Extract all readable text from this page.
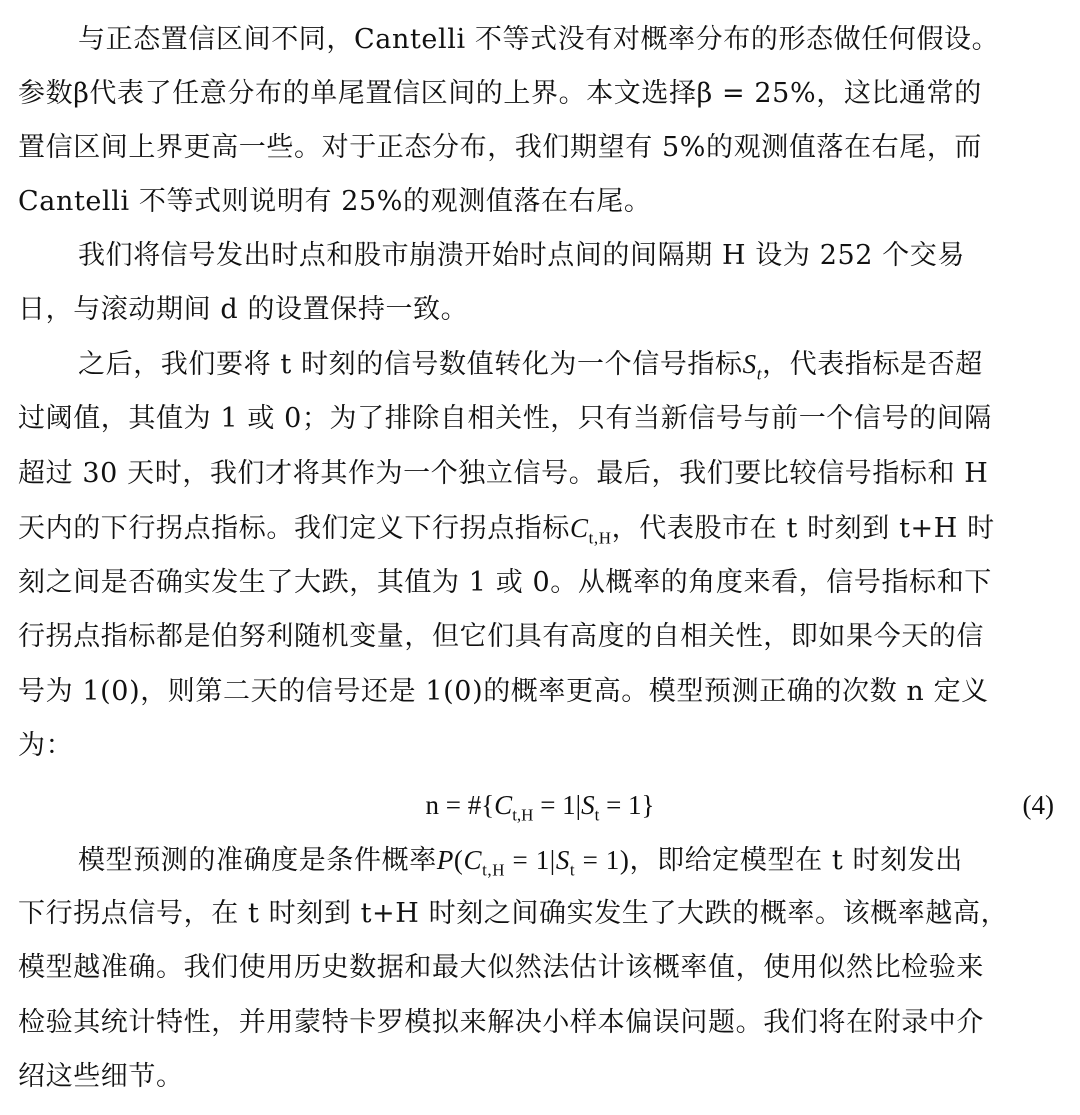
与正态置信区间不同，Cantelli 不等式没有对概率分布的形态做任何假设。
参数β代表了任意分布的单尾置信区间的上界。本文选择β = 25%，这比通常的
置信区间上界更高一些。对于正态分布，我们期望有 5%的观测值落在右尾，而
Cantelli 不等式则说明有 25%的观测值落在右尾。
我们将信号发出时点和股市崩溃开始时点间的间隔期 H 设为 252 个交易
日，与滚动期间 d 的设置保持一致。
之后，我们要将 t 时刻的信号数值转化为一个信号指标$S_t$，代表指标是否超
过阈值，其值为 1 或 0；为了排除自相关性，只有当新信号与前一个信号的间隔
超过 30 天时，我们才将其作为一个独立信号。最后，我们要比较信号指标和 H
天内的下行拐点指标。我们定义下行拐点指标$C_{t,H}$，代表股市在 t 时刻到 t+H 时
刻之间是否确实发生了大跌，其值为 1 或 0。从概率的角度来看，信号指标和下
行拐点指标都是伯努利随机变量，但它们具有高度的自相关性，即如果今天的信
号为 1(0)，则第二天的信号还是 1(0)的概率更高。模型预测正确的次数 n 定义
为：
$n = \#\{C_{t,H} = 1|S_t = 1\}$	(4)
模型预测的准确度是条件概率$P(C_{t,H} = 1|S_t = 1)$，即给定模型在 t 时刻发出
下行拐点信号，在 t 时刻到 t+H 时刻之间确实发生了大跌的概率。该概率越高，
模型越准确。我们使用历史数据和最大似然法估计该概率值，使用似然比检验来
检验其统计特性，并用蒙特卡罗模拟来解决小样本偏误问题。我们将在附录中介
绍这些细节。
